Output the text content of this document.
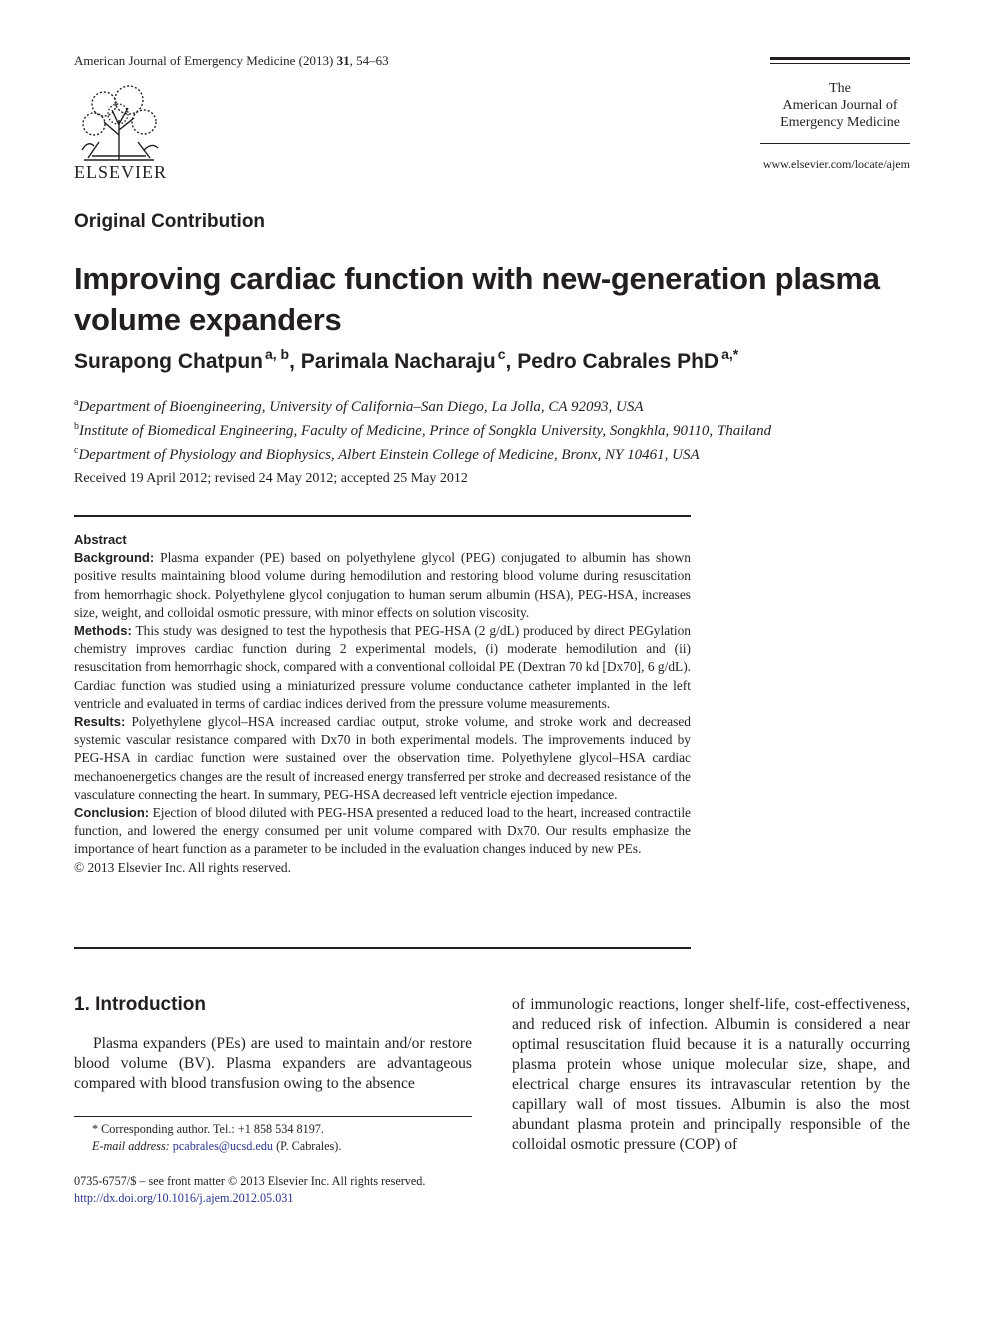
American Journal of Emergency Medicine (2013) 31, 54–63
ELSEVIER
The
American Journal of
Emergency Medicine
www.elsevier.com/locate/ajem
Original Contribution
Improving cardiac function with new-generation plasma volume expanders
Surapong Chatpun $^{a, b}$, Parimala Nacharaju $^c$, Pedro Cabrales PhD $^{a,*}$
$^a$Department of Bioengineering, University of California–San Diego, La Jolla, CA 92093, USA
$^b$Institute of Biomedical Engineering, Faculty of Medicine, Prince of Songkla University, Songkhla, 90110, Thailand
$^c$Department of Physiology and Biophysics, Albert Einstein College of Medicine, Bronx, NY 10461, USA
Received 19 April 2012; revised 24 May 2012; accepted 25 May 2012

Abstract

Background: Plasma expander (PE) based on polyethylene glycol (PEG) conjugated to albumin has shown positive results maintaining blood volume during hemodilution and restoring blood volume during resuscitation from hemorrhagic shock. Polyethylene glycol conjugation to human serum albumin (HSA), PEG-HSA, increases size, weight, and colloidal osmotic pressure, with minor effects on solution viscosity.

Methods: This study was designed to test the hypothesis that PEG-HSA (2 g/dL) produced by direct PEGylation chemistry improves cardiac function during 2 experimental models, (i) moderate hemodilution and (ii) resuscitation from hemorrhagic shock, compared with a conventional colloidal PE (Dextran 70 kd [Dx70], 6 g/dL). Cardiac function was studied using a miniaturized pressure volume conductance catheter implanted in the left ventricle and evaluated in terms of cardiac indices derived from the pressure volume measurements.

Results: Polyethylene glycol–HSA increased cardiac output, stroke volume, and stroke work and decreased systemic vascular resistance compared with Dx70 in both experimental models. The improvements induced by PEG-HSA in cardiac function were sustained over the observation time. Polyethylene glycol–HSA cardiac mechanoenergetics changes are the result of increased energy transferred per stroke and decreased resistance of the vasculature connecting the heart. In summary, PEG-HSA decreased left ventricle ejection impedance.

Conclusion: Ejection of blood diluted with PEG-HSA presented a reduced load to the heart, increased contractile function, and lowered the energy consumed per unit volume compared with Dx70. Our results emphasize the importance of heart function as a parameter to be included in the evaluation changes induced by new PEs.

© 2013 Elsevier Inc. All rights reserved.

1. Introduction

Plasma expanders (PEs) are used to maintain and/or restore blood volume (BV). Plasma expanders are advantageous compared with blood transfusion owing to the absence

of immunologic reactions, longer shelf-life, cost-effectiveness, and reduced risk of infection. Albumin is considered a near optimal resuscitation fluid because it is a naturally occurring plasma protein whose unique molecular size, shape, and electrical charge ensures its intravascular retention by the capillary wall of most tissues. Albumin is also the most abundant plasma protein and principally responsible of the colloidal osmotic pressure (COP) of

* Corresponding author. Tel.: +1 858 534 8197.
E-mail address: pcabrales@ucsd.edu (P. Cabrales).
0735-6757/$ – see front matter © 2013 Elsevier Inc. All rights reserved.
http://dx.doi.org/10.1016/j.ajem.2012.05.031
